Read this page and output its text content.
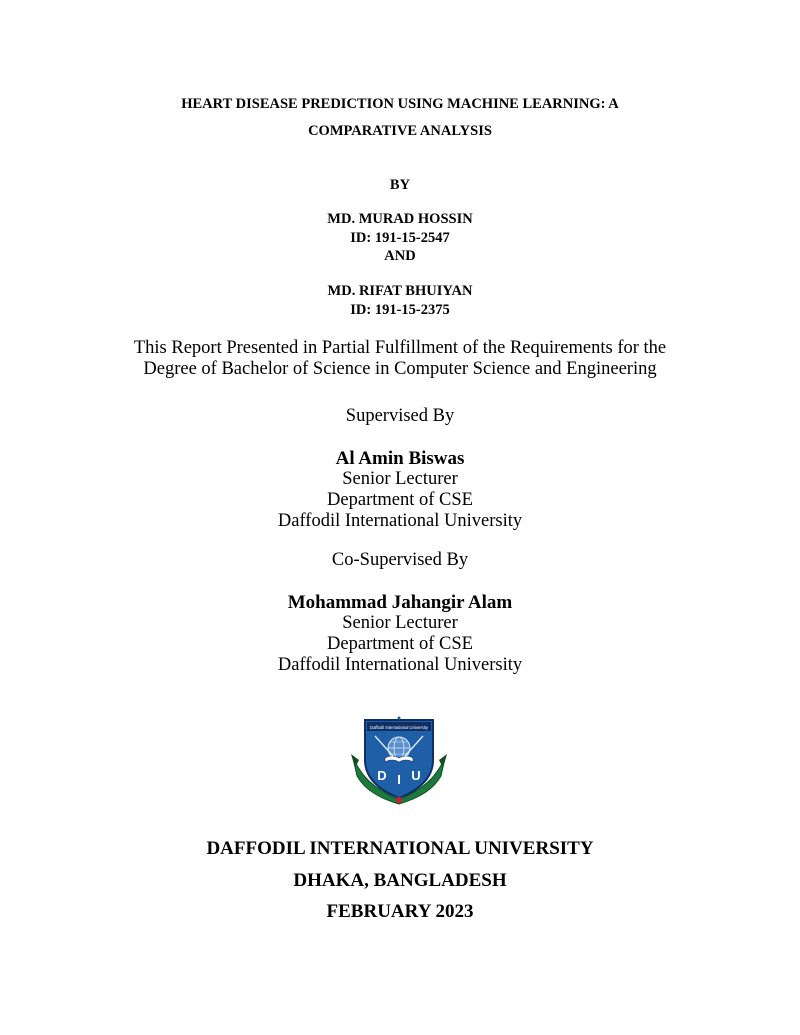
HEART DISEASE PREDICTION USING MACHINE LEARNING: A

COMPARATIVE ANALYSIS

BY

MD. MURAD HOSSIN

ID: 191-15-2547

AND

MD. RIFAT BHUIYAN

ID: 191-15-2375

This Report Presented in Partial Fulfillment of the Requirements for the

Degree of Bachelor of Science in Computer Science and Engineering

Supervised By

Al Amin Biswas

Senior Lecturer

Department of CSE

Daffodil International University

Co-Supervised By

Mohammad Jahangir Alam

Senior Lecturer

Department of CSE

Daffodil International University

Daffodil International University
D I U

DAFFODIL INTERNATIONAL UNIVERSITY

DHAKA, BANGLADESH

FEBRUARY 2023
